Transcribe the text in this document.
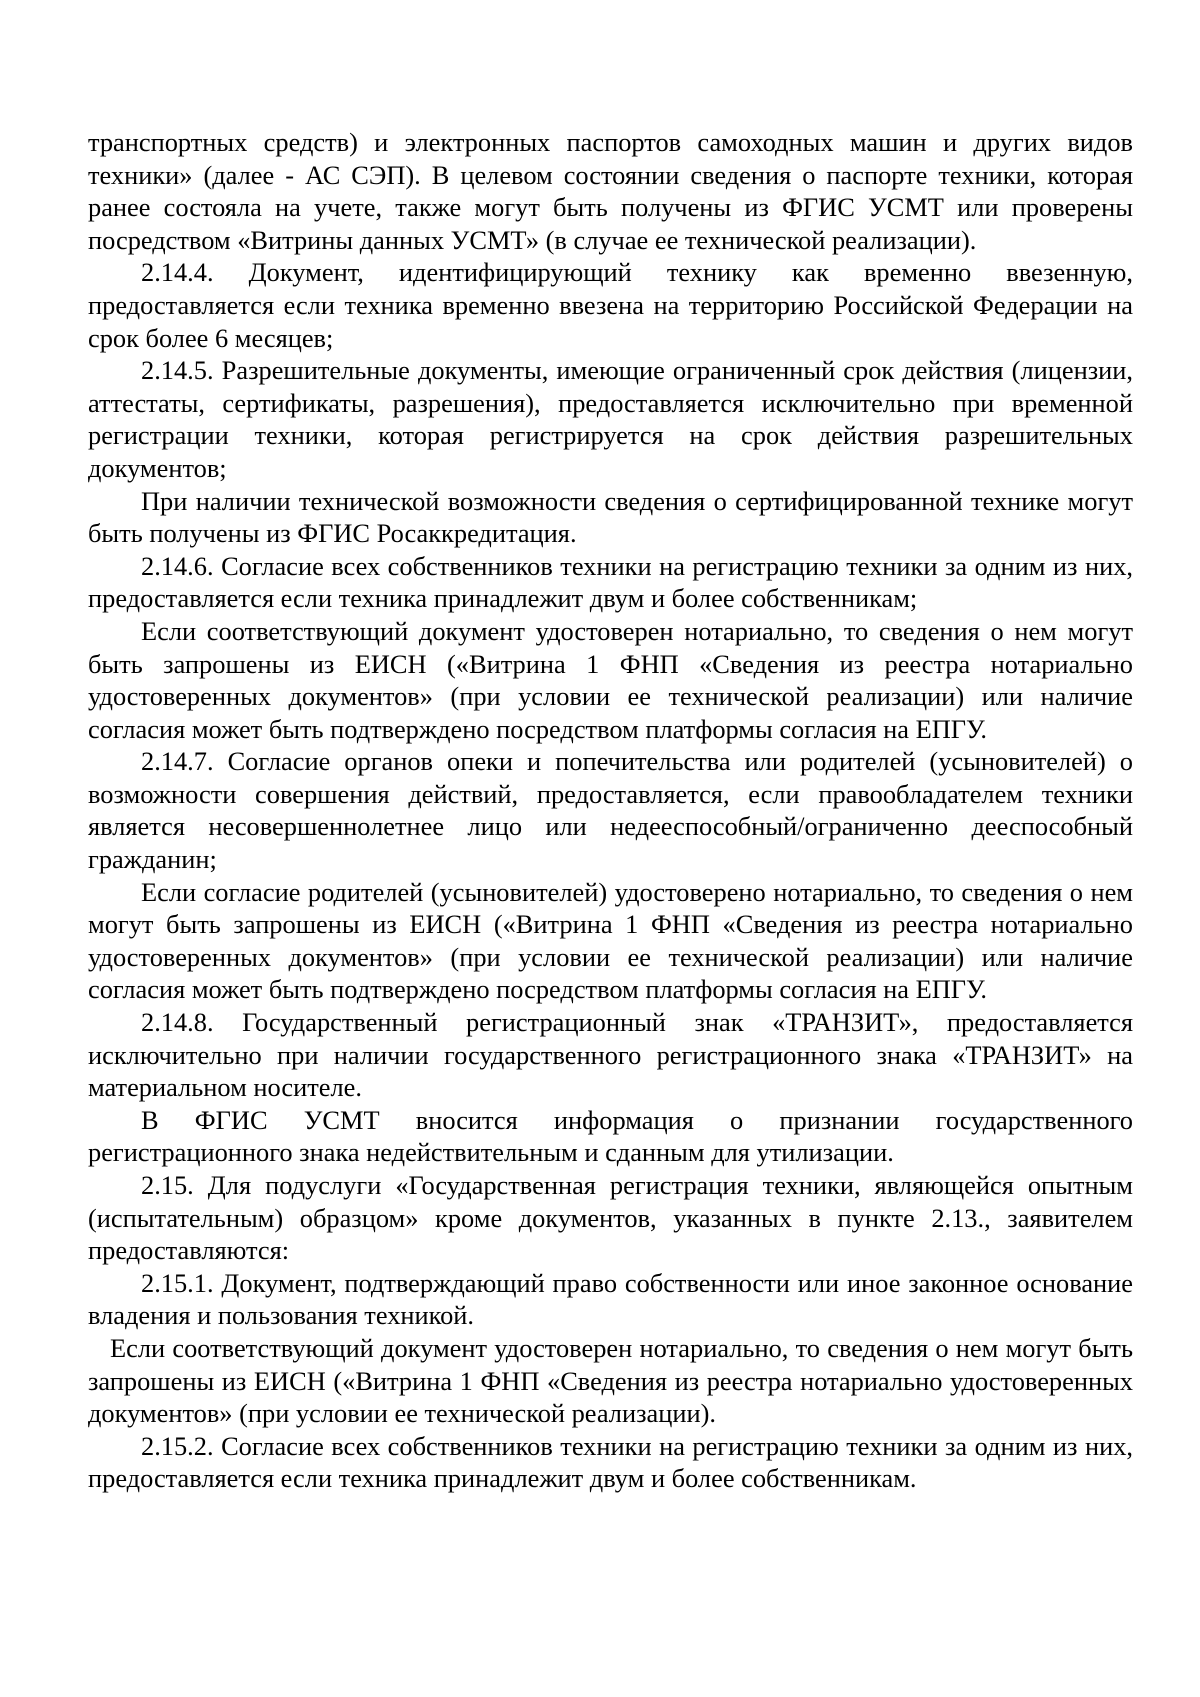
транспортных средств) и электронных паспортов самоходных машин и других видов техники» (далее - АС СЭП). В целевом состоянии сведения о паспорте техники, которая ранее состояла на учете, также могут быть получены из ФГИС УСМТ или проверены посредством «Витрины данных УСМТ» (в случае ее технической реализации).

2.14.4. Документ, идентифицирующий технику как временно ввезенную, предоставляется если техника временно ввезена на территорию Российской Федерации на срок более 6 месяцев;

2.14.5. Разрешительные документы, имеющие ограниченный срок действия (лицензии, аттестаты, сертификаты, разрешения), предоставляется исключительно при временной регистрации техники, которая регистрируется на срок действия разрешительных документов;

При наличии технической возможности сведения о сертифицированной технике могут быть получены из ФГИС Росаккредитация.

2.14.6. Согласие всех собственников техники на регистрацию техники за одним из них, предоставляется если техника принадлежит двум и более собственникам;

Если соответствующий документ удостоверен нотариально, то сведения о нем могут быть запрошены из ЕИСН («Витрина 1 ФНП «Сведения из реестра нотариально удостоверенных документов» (при условии ее технической реализации) или наличие согласия может быть подтверждено посредством платформы согласия на ЕПГУ.

2.14.7. Согласие органов опеки и попечительства или родителей (усыновителей) о возможности совершения действий, предоставляется, если правообладателем техники является несовершеннолетнее лицо или недееспособный/ограниченно дееспособный гражданин;

Если согласие родителей (усыновителей) удостоверено нотариально, то сведения о нем могут быть запрошены из ЕИСН («Витрина 1 ФНП «Сведения из реестра нотариально удостоверенных документов» (при условии ее технической реализации) или наличие согласия может быть подтверждено посредством платформы согласия на ЕПГУ.

2.14.8. Государственный регистрационный знак «ТРАНЗИТ», предоставляется исключительно при наличии государственного регистрационного знака «ТРАНЗИТ» на материальном носителе.

В ФГИС УСМТ вносится информация о признании государственного регистрационного знака недействительным и сданным для утилизации.

2.15. Для подуслуги «Государственная регистрация техники, являющейся опытным (испытательным) образцом» кроме документов, указанных в пункте 2.13., заявителем предоставляются:

2.15.1. Документ, подтверждающий право собственности или иное законное основание владения и пользования техникой.

Если соответствующий документ удостоверен нотариально, то сведения о нем могут быть запрошены из ЕИСН («Витрина 1 ФНП «Сведения из реестра нотариально удостоверенных документов» (при условии ее технической реализации).

2.15.2. Согласие всех собственников техники на регистрацию техники за одним из них, предоставляется если техника принадлежит двум и более собственникам.
